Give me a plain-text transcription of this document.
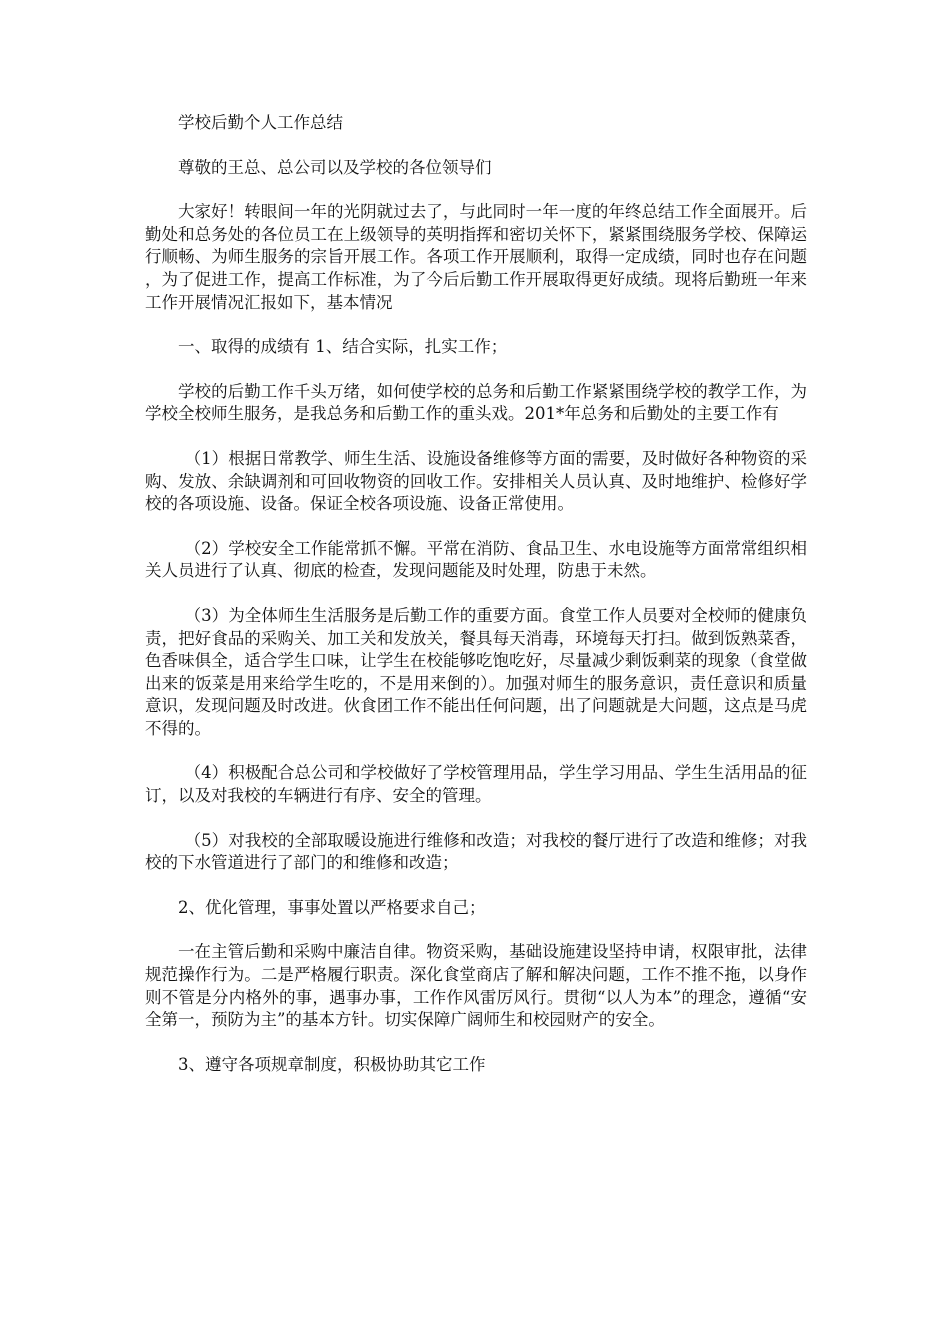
学校后勤个人工作总结

尊敬的王总、总公司以及学校的各位领导们

大家好！转眼间一年的光阴就过去了，与此同时一年一度的年终总结工作全面展开。后勤处和总务处的各位员工在上级领导的英明指挥和密切关怀下，紧紧围绕服务学校、保障运行顺畅、为师生服务的宗旨开展工作。各项工作开展顺利，取得一定成绩，同时也存在问题，为了促进工作，提高工作标准，为了今后后勤工作开展取得更好成绩。现将后勤班一年来工作开展情况汇报如下，基本情况

一、取得的成绩有 1、结合实际，扎实工作；

学校的后勤工作千头万绪，如何使学校的总务和后勤工作紧紧围绕学校的教学工作，为学校全校师生服务，是我总务和后勤工作的重头戏。201*年总务和后勤处的主要工作有

（1）根据日常教学、师生生活、设施设备维修等方面的需要，及时做好各种物资的采购、发放、余缺调剂和可回收物资的回收工作。安排相关人员认真、及时地维护、检修好学校的各项设施、设备。保证全校各项设施、设备正常使用。

（2）学校安全工作能常抓不懈。平常在消防、食品卫生、水电设施等方面常常组织相关人员进行了认真、彻底的检查，发现问题能及时处理，防患于未然。

（3）为全体师生生活服务是后勤工作的重要方面。食堂工作人员要对全校师的健康负责，把好食品的采购关、加工关和发放关，餐具每天消毒，环境每天打扫。做到饭熟菜香，色香味俱全，适合学生口味，让学生在校能够吃饱吃好，尽量减少剩饭剩菜的现象（食堂做出来的饭菜是用来给学生吃的，不是用来倒的）。加强对师生的服务意识，责任意识和质量意识，发现问题及时改进。伙食团工作不能出任何问题，出了问题就是大问题，这点是马虎不得的。

（4）积极配合总公司和学校做好了学校管理用品，学生学习用品、学生生活用品的征订，以及对我校的车辆进行有序、安全的管理。

（5）对我校的全部取暖设施进行维修和改造；对我校的餐厅进行了改造和维修；对我校的下水管道进行了部门的和维修和改造；

2、优化管理，事事处置以严格要求自己；

一在主管后勤和采购中廉洁自律。物资采购，基础设施建设坚持申请，权限审批，法律规范操作行为。二是严格履行职责。深化食堂商店了解和解决问题，工作不推不拖，以身作则不管是分内格外的事，遇事办事，工作作风雷厉风行。贯彻“以人为本”的理念，遵循“安全第一，预防为主”的基本方针。切实保障广阔师生和校园财产的安全。

3、遵守各项规章制度，积极协助其它工作
